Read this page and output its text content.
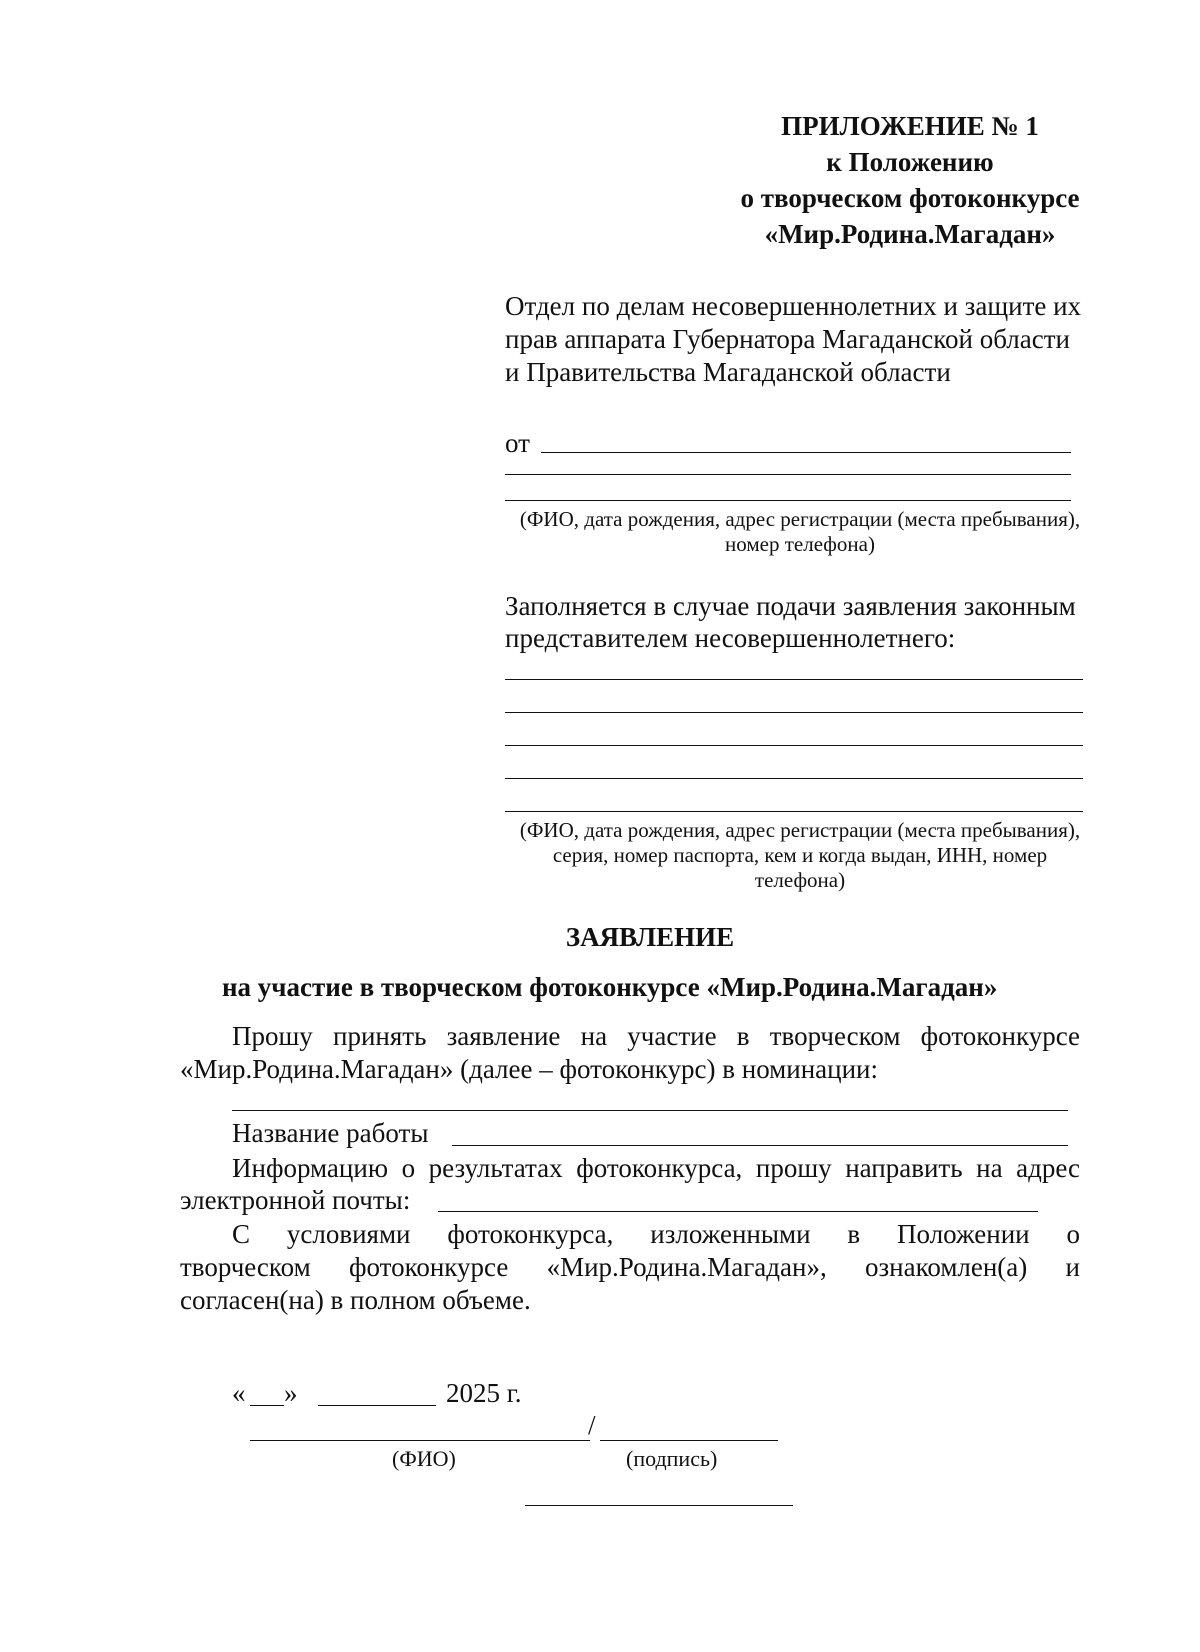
ПРИЛОЖЕНИЕ № 1
к Положению
о творческом фотоконкурсе
«Мир.Родина.Магадан»
Отдел по делам несовершеннолетних и защите их
прав аппарата Губернатора Магаданской области
и Правительства Магаданской области
от
(ФИО, дата рождения, адрес регистрации (места пребывания),
номер телефона)
Заполняется в случае подачи заявления законным
представителем несовершеннолетнего:
(ФИО, дата рождения, адрес регистрации (места пребывания),
серия, номер паспорта, кем и когда выдан, ИНН, номер
телефона)
ЗАЯВЛЕНИЕ
на участие в творческом фотоконкурсе «Мир.Родина.Магадан»
Прошу принять заявление на участие в творческом фотоконкурсе
«Мир.Родина.Магадан» (далее – фотоконкурс) в номинации:
Название работы
Информацию о результатах фотоконкурса, прошу направить на адрес
электронной почты:
С условиями фотоконкурса, изложенными в Положении о
творческом фотоконкурсе «Мир.Родина.Магадан», ознакомлен(а) и
согласен(на) в полном объеме.
« »	2025 г.
/
(ФИО)	(подпись)
